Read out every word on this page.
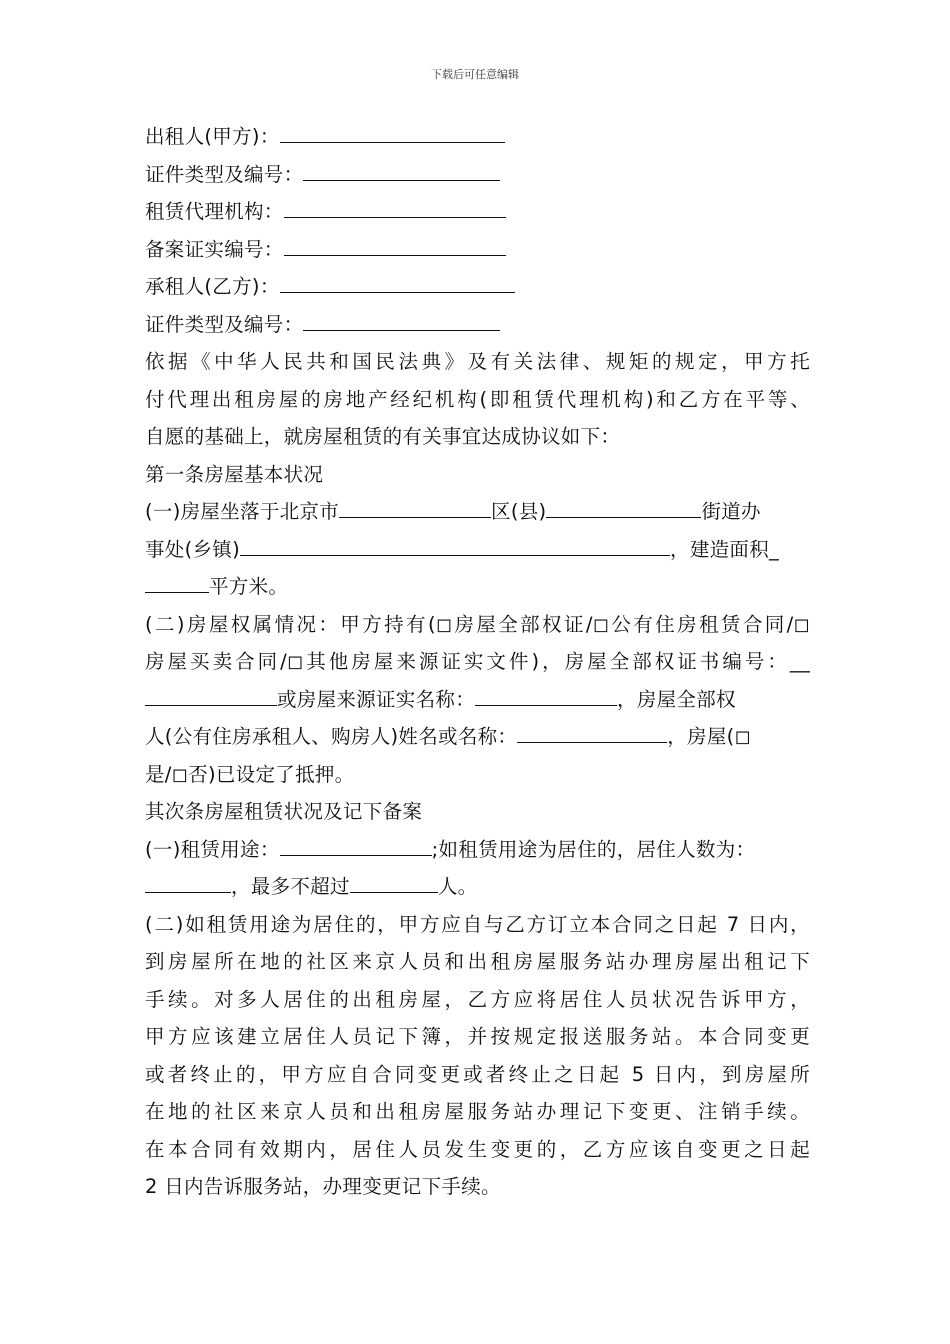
下载后可任意编辑
出租人(甲方)：
证件类型及编号：
租赁代理机构：
备案证实编号：
承租人(乙方)：
证件类型及编号：
依据《中华人民共和国民法典》及有关法律、规矩的规定，甲方托
付代理出租房屋的房地产经纪机构(即租赁代理机构)和乙方在平等、
自愿的基础上，就房屋租赁的有关事宜达成协议如下：
第一条房屋基本状况
(一)房屋坐落于北京市	区(县)	街道办
事处(乡镇)	，建造面积_
平方米。
(二)房屋权属情况：甲方持有(◻房屋全部权证/◻公有住房租赁合同/◻
房屋买卖合同/◻其他房屋来源证实文件)，房屋全部权证书编号：__
或房屋来源证实名称：	，房屋全部权
人(公有住房承租人、购房人)姓名或名称：	，房屋(◻
是/◻否)已设定了抵押。
其次条房屋租赁状况及记下备案
(一)租赁用途：	;如租赁用途为居住的，居住人数为：
，最多不超过	人。
(二)如租赁用途为居住的，甲方应自与乙方订立本合同之日起 7 日内，
到房屋所在地的社区来京人员和出租房屋服务站办理房屋出租记下
手续。对多人居住的出租房屋，乙方应将居住人员状况告诉甲方，
甲方应该建立居住人员记下簿，并按规定报送服务站。本合同变更
或者终止的，甲方应自合同变更或者终止之日起 5 日内，到房屋所
在地的社区来京人员和出租房屋服务站办理记下变更、注销手续。
在本合同有效期内，居住人员发生变更的，乙方应该自变更之日起
2 日内告诉服务站，办理变更记下手续。
